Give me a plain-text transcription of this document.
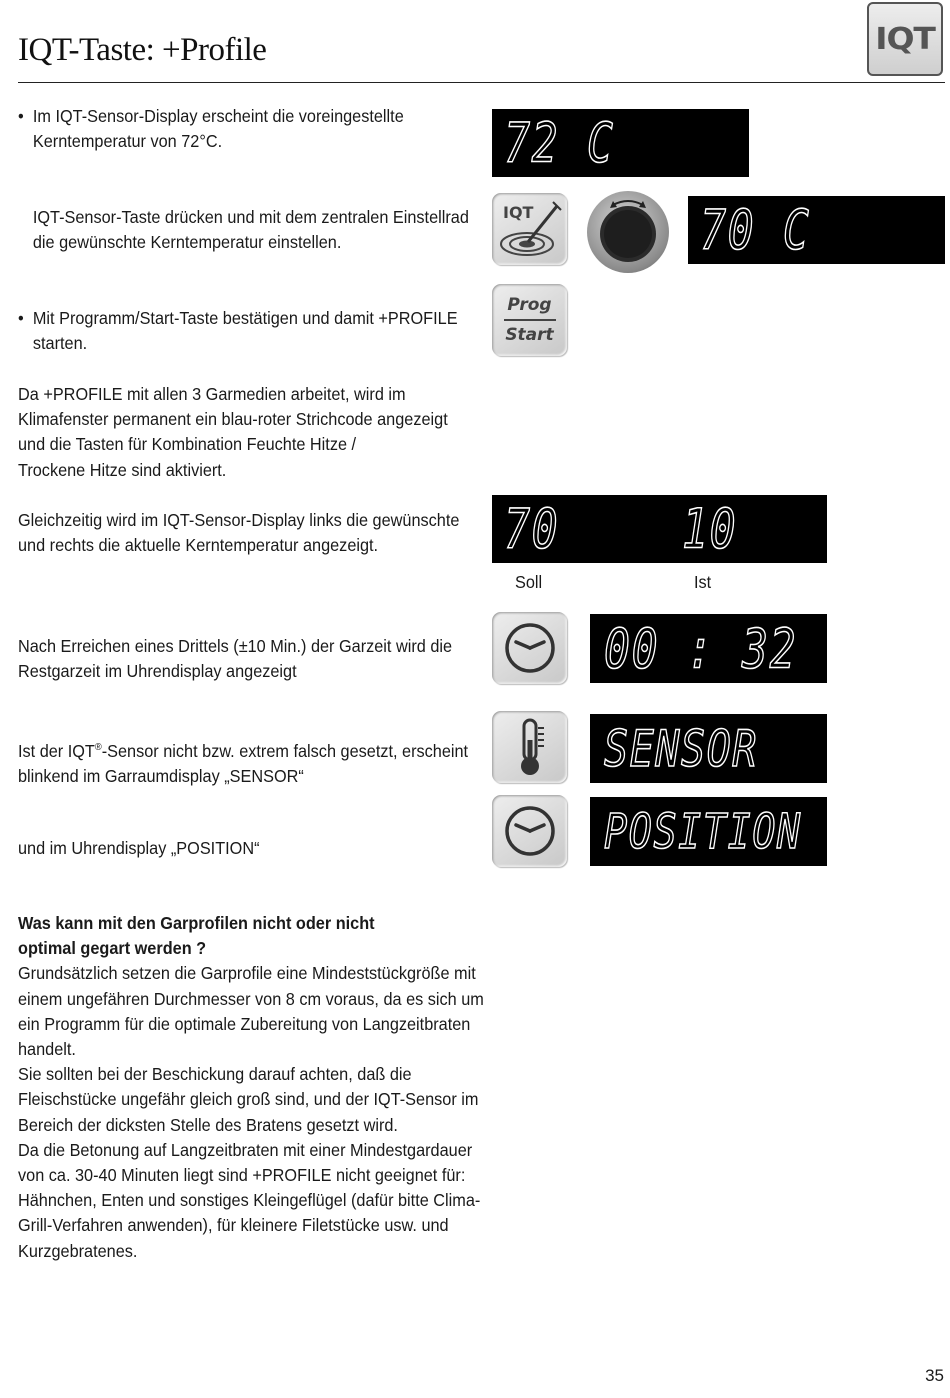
IQT-Taste: +Profile	IQT
• Im IQT-Sensor-Display erscheint die voreingestellte
Kerntemperatur von 72°C.	72 C
IQT-Sensor-Taste drücken und mit dem zentralen Einstellrad
die gewünschte Kerntemperatur einstellen.
IQT	70 C
• Mit Programm/Start-Taste bestätigen und damit +PROFILE
starten.
Prog
Start
Da +PROFILE mit allen 3 Garmedien arbeitet, wird im
Klimafenster permanent ein blau-roter Strichcode angezeigt
und die Tasten für Kombination Feuchte Hitze /
Trockene Hitze sind aktiviert.
Gleichzeitig wird im IQT-Sensor-Display links die gewünschte
und rechts die aktuelle Kerntemperatur angezeigt.	70 10
Soll	Ist
Nach Erreichen eines Drittels (±10 Min.) der Garzeit wird die
Restgarzeit im Uhrendisplay angezeigt	00 : 32
Ist der IQT®-Sensor nicht bzw. extrem falsch gesetzt, erscheint
blinkend im Garraumdisplay „SENSOR“	SENSOR
und im Uhrendisplay „POSITION“	POSITION
Was kann mit den Garprofilen nicht oder nicht
optimal gegart werden ?
Grundsätzlich setzen die Garprofile eine Mindeststückgröße mit
einem ungefähren Durchmesser von 8 cm voraus, da es sich um
ein Programm für die optimale Zubereitung von Langzeitbraten
handelt.
Sie sollten bei der Beschickung darauf achten, daß die
Fleischstücke ungefähr gleich groß sind, und der IQT-Sensor im
Bereich der dicksten Stelle des Bratens gesetzt wird.
Da die Betonung auf Langzeitbraten mit einer Mindestgardauer
von ca. 30-40 Minuten liegt sind +PROFILE nicht geeignet für:
Hähnchen, Enten und sonstiges Kleingeflügel (dafür bitte Clima-
Grill-Verfahren anwenden), für kleinere Filetstücke usw. und
Kurzgebratenes.
35
